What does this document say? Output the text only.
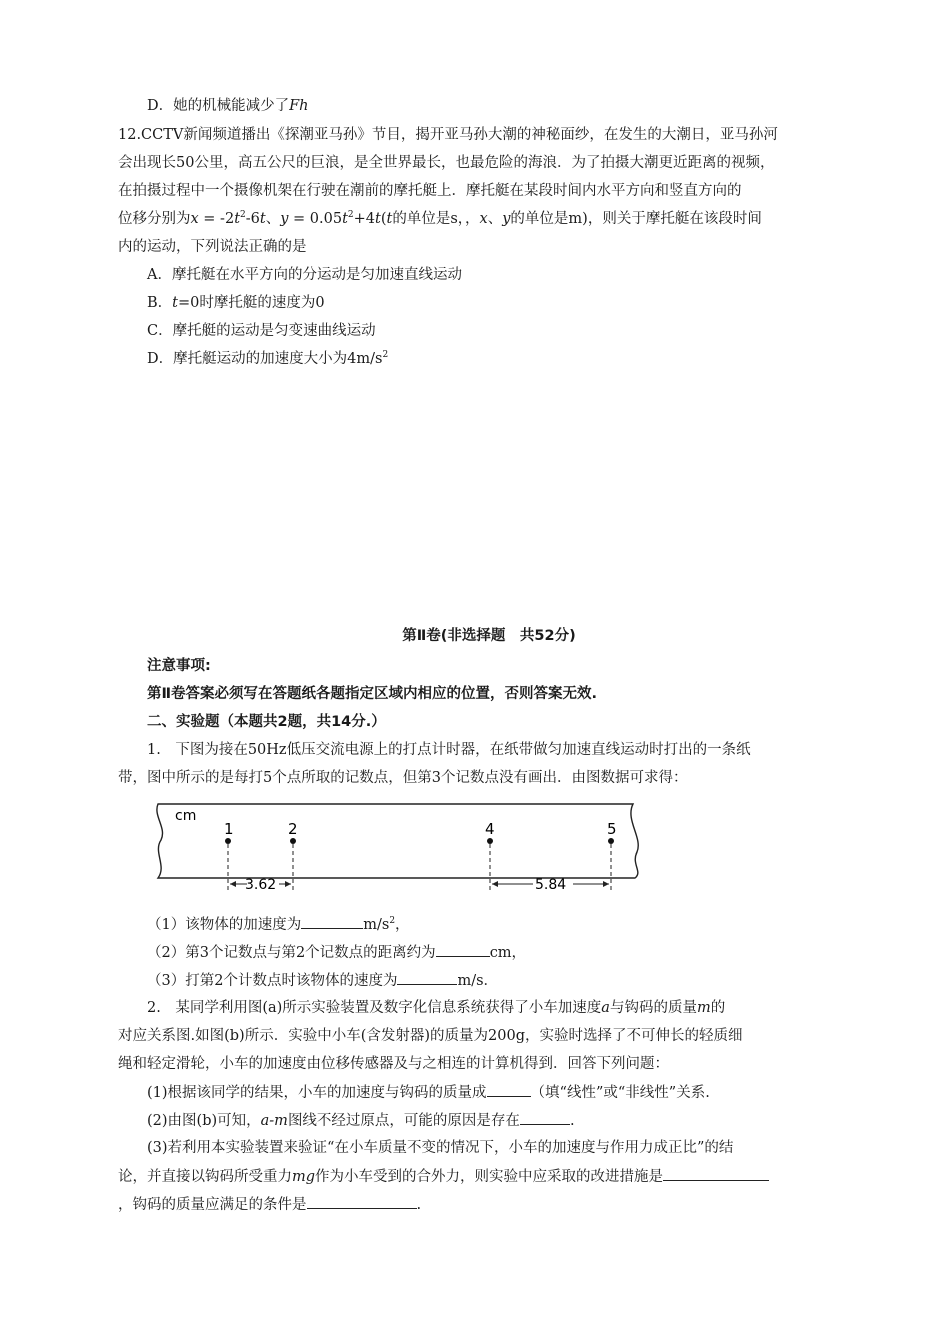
D．她的机械能减少了Fh
12.CCTV新闻频道播出《探潮亚马孙》节目，揭开亚马孙大潮的神秘面纱，在发生的大潮日，亚马孙河
会出现长50公里，高五公尺的巨浪，是全世界最长，也最危险的海浪．为了拍摄大潮更近距离的视频，
在拍摄过程中一个摄像机架在行驶在潮前的摩托艇上．摩托艇在某段时间内水平方向和竖直方向的
位移分别为$x = -2t^2-6t$、$y = 0.05t^2+4t(t$的单位是s，，x、y的单位是m)，则关于摩托艇在该段时间
内的运动，下列说法正确的是
A．摩托艇在水平方向的分运动是匀加速直线运动
B．t=0时摩托艇的速度为0
C．摩托艇的运动是匀变速曲线运动
D．摩托艇运动的加速度大小为$4m/s^2$
第Ⅱ卷(非选择题　共52分)
注意事项:
第Ⅱ卷答案必须写在答题纸各题指定区域内相应的位置，否则答案无效.
二、实验题（本题共2题，共14分.）
1.　下图为接在50Hz低压交流电源上的打点计时器，在纸带做匀加速直线运动时打出的一条纸
带，图中所示的是每打5个点所取的记数点，但第3个记数点没有画出．由图数据可求得：
cm
1	2	4	5
3.62	5.84
（1）该物体的加速度为	$m/s^2$，
（2）第3个记数点与第2个记数点的距离约为	cm，
（3）打第2个计数点时该物体的速度为	m/s．
2.　某同学利用图(a)所示实验装置及数字化信息系统获得了小车加速度a与钩码的质量m的
对应关系图.如图(b)所示．实验中小车(含发射器)的质量为200g，实验时选择了不可伸长的轻质细
绳和轻定滑轮，小车的加速度由位移传感器及与之相连的计算机得到．回答下列问题：
(1)根据该同学的结果，小车的加速度与钩码的质量成	（填“线性”或“非线性”关系.
(2)由图(b)可知，a-m图线不经过原点，可能的原因是存在	.
(3)若利用本实验装置来验证“在小车质量不变的情况下，小车的加速度与作用力成正比”的结
论，并直接以钩码所受重力mg作为小车受到的合外力，则实验中应采取的改进措施是
，钩码的质量应满足的条件是	.
